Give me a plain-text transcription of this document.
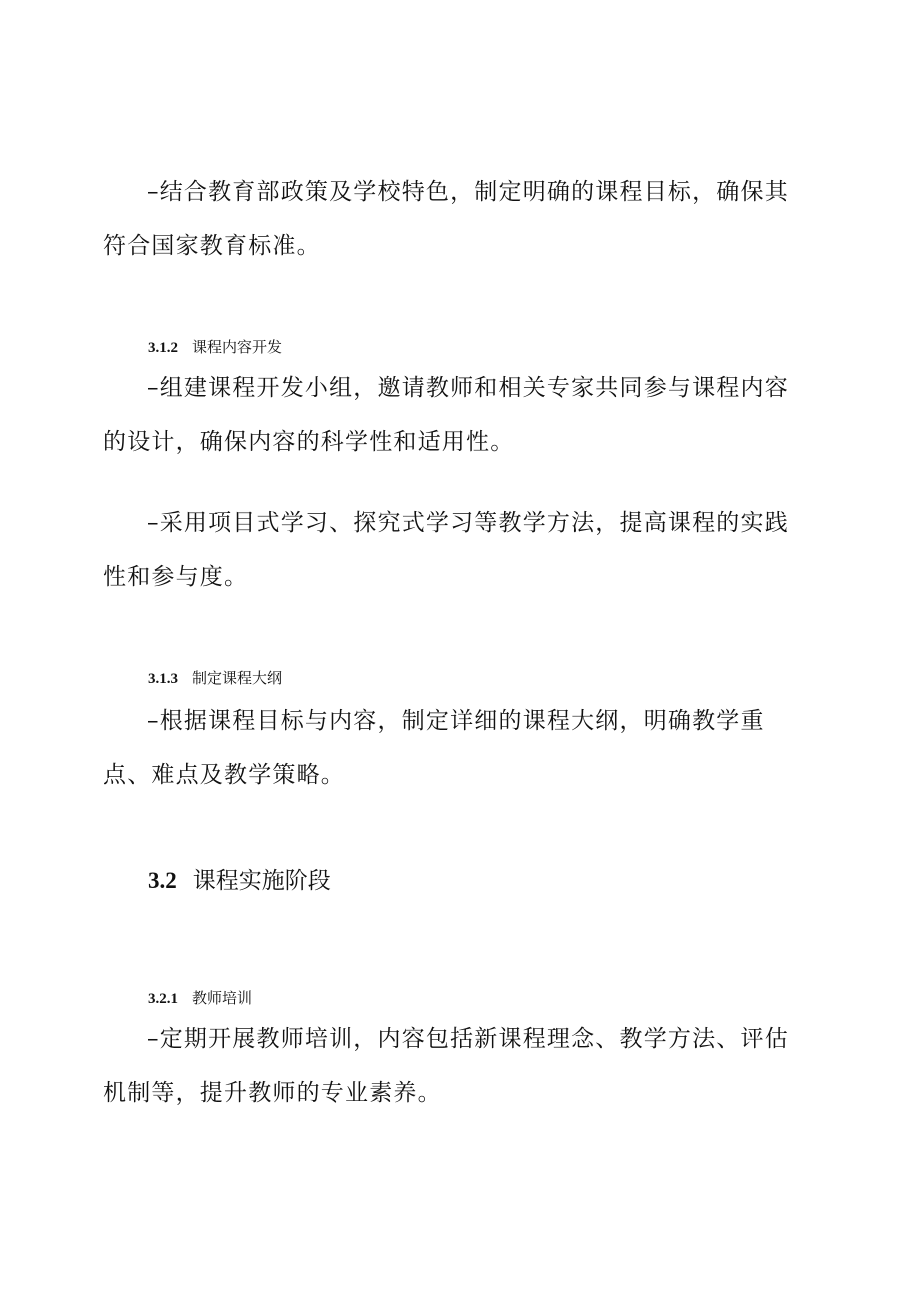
–结合教育部政策及学校特色，制定明确的课程目标，确保其符合国家教育标准。

3.1.2 课程内容开发

–组建课程开发小组，邀请教师和相关专家共同参与课程内容的设计，确保内容的科学性和适用性。

–采用项目式学习、探究式学习等教学方法，提高课程的实践性和参与度。

3.1.3 制定课程大纲

–根据课程目标与内容，制定详细的课程大纲，明确教学重点、难点及教学策略。

3.2 课程实施阶段
3.2.1 教师培训

–定期开展教师培训，内容包括新课程理念、教学方法、评估机制等，提升教师的专业素养。
